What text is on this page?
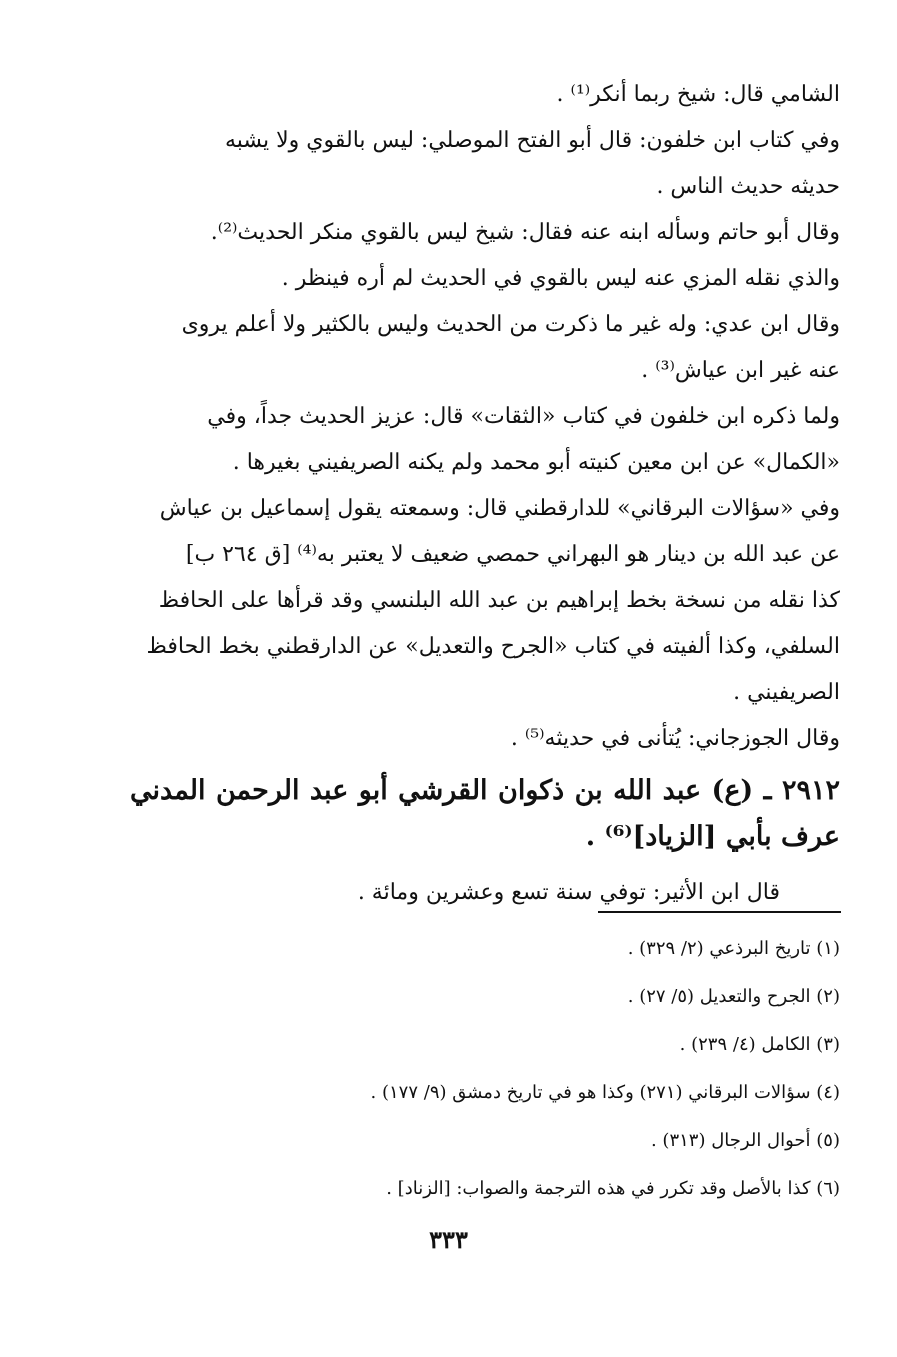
الشامي قال: شيخ ربما أنكر⁽¹⁾ .

وفي كتاب ابن خلفون: قال أبو الفتح الموصلي: ليس بالقوي ولا يشبه

حديثه حديث الناس .

وقال أبو حاتم وسأله ابنه عنه فقال: شيخ ليس بالقوي منكر الحديث⁽²⁾.

والذي نقله المزي عنه ليس بالقوي في الحديث لم أره فينظر .

وقال ابن عدي: وله غير ما ذكرت من الحديث وليس بالكثير ولا أعلم يروى

عنه غير ابن عياش⁽³⁾ .

ولما ذكره ابن خلفون في كتاب «الثقات» قال: عزيز الحديث جداً، وفي

«الكمال» عن ابن معين كنيته أبو محمد ولم يكنه الصريفيني بغيرها .

وفي «سؤالات البرقاني» للدارقطني قال: وسمعته يقول إسماعيل بن عياش

عن عبد الله بن دينار هو البهراني حمصي ضعيف لا يعتبر به⁽⁴⁾ [ق ٢٦٤ ب]

كذا نقله من نسخة بخط إبراهيم بن عبد الله البلنسي وقد قرأها على الحافظ

السلفي، وكذا ألفيته في كتاب «الجرح والتعديل» عن الدارقطني بخط الحافظ

الصريفيني .

وقال الجوزجاني: يُتأنى في حديثه⁽⁵⁾ .

٢٩١٢ ـ (ع) عبد الله بن ذكوان القرشي أبو عبد الرحمن المدني عرف بأبي [الزياد]⁽⁶⁾ .

قال ابن الأثير: توفي سنة تسع وعشرين ومائة .

(١) تاريخ البرذعي (٢/ ٣٢٩) .

(٢) الجرح والتعديل (٥/ ٢٧) .

(٣) الكامل (٤/ ٢٣٩) .

(٤) سؤالات البرقاني (٢٧١) وكذا هو في تاريخ دمشق (٩/ ١٧٧) .

(٥) أحوال الرجال (٣١٣) .

(٦) كذا بالأصل وقد تكرر في هذه الترجمة والصواب: [الزناد] .

٣٣٣
